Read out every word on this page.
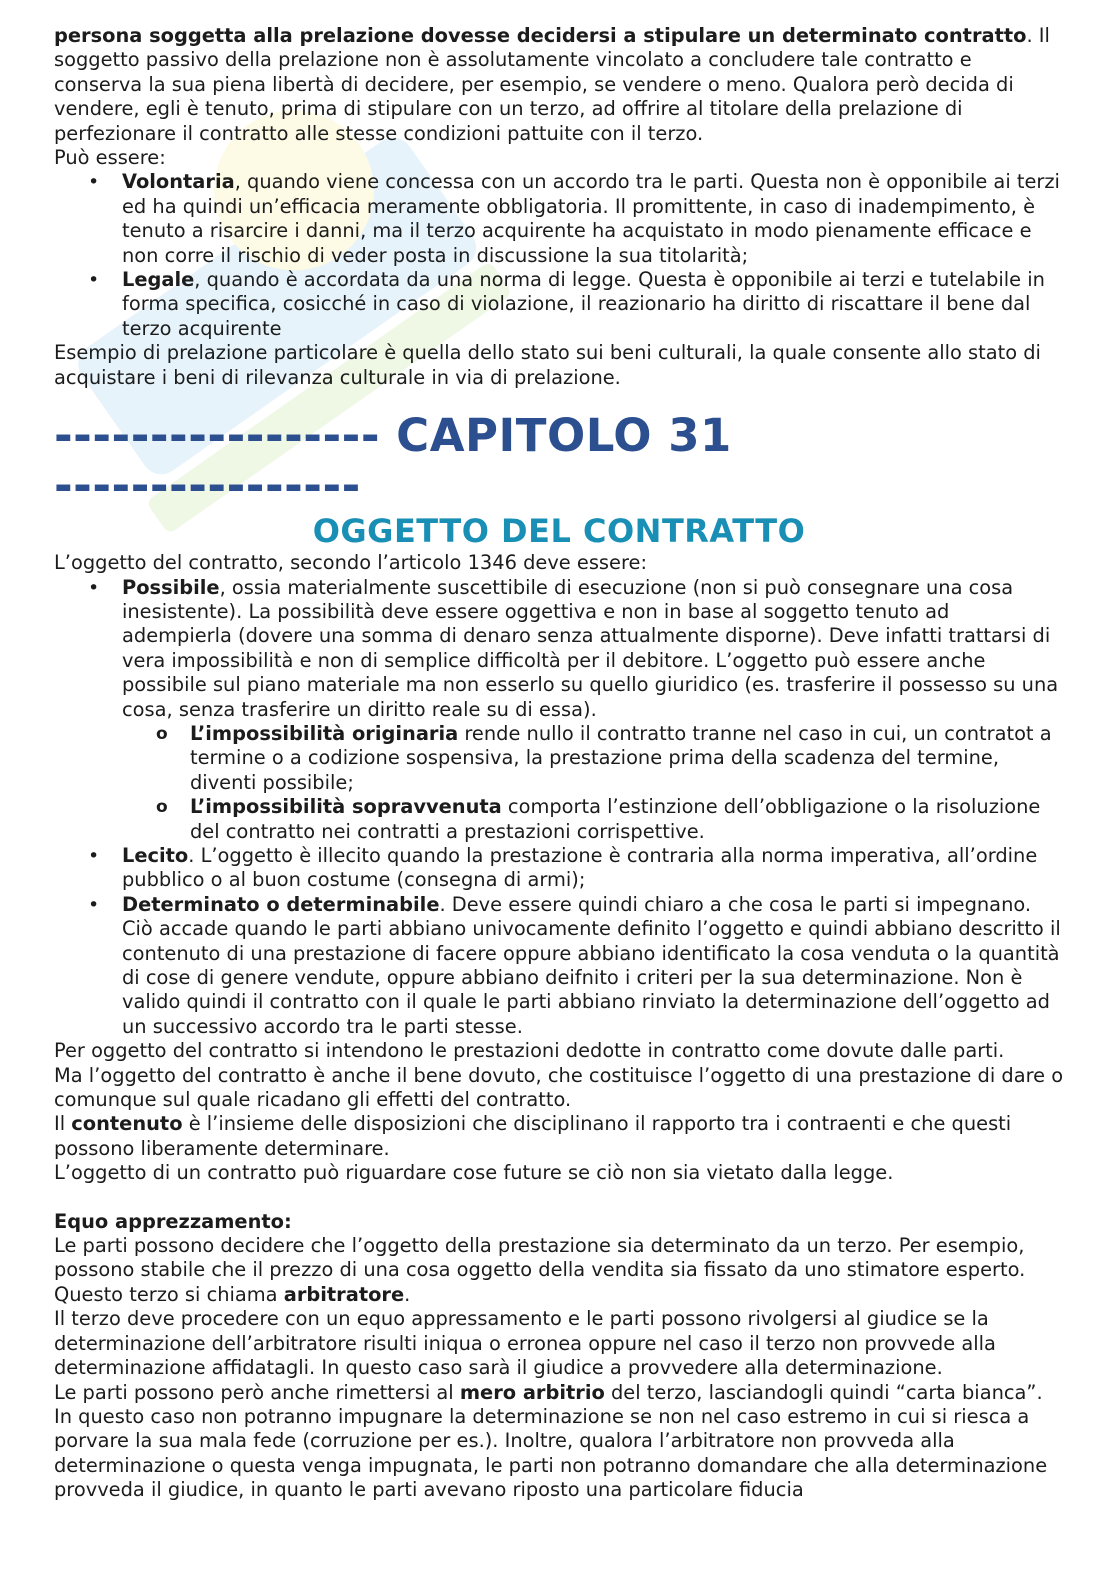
persona soggetta alla prelazione dovesse decidersi a stipulare un determinato contratto. Il soggetto passivo della prelazione non è assolutamente vincolato a concludere tale contratto e conserva la sua piena libertà di decidere, per esempio, se vendere o meno. Qualora però decida di vendere, egli è tenuto, prima di stipulare con un terzo, ad offrire al titolare della prelazione di perfezionare il contratto alle stesse condizioni pattuite con il terzo.

Può essere:

• Volontaria, quando viene concessa con un accordo tra le parti. Questa non è opponibile ai terzi ed ha quindi un’efficacia meramente obbligatoria. Il promittente, in caso di inadempimento, è tenuto a risarcire i danni, ma il terzo acquirente ha acquistato in modo pienamente efficace e non corre il rischio di veder posta in discussione la sua titolarità;
• Legale, quando è accordata da una norma di legge. Questa è opponibile ai terzi e tutelabile in forma specifica, cosicché in caso di violazione, il reazionario ha diritto di riscattare il bene dal terzo acquirente

Esempio di prelazione particolare è quella dello stato sui beni culturali, la quale consente allo stato di acquistare i beni di rilevanza culturale in via di prelazione.

----------------- CAPITOLO 31
----------------
OGGETTO DEL CONTRATTO

L’oggetto del contratto, secondo l’articolo 1346 deve essere:

• Possibile, ossia materialmente suscettibile di esecuzione (non si può consegnare una cosa inesistente). La possibilità deve essere oggettiva e non in base al soggetto tenuto ad adempierla (dovere una somma di denaro senza attualmente disporne). Deve infatti trattarsi di vera impossibilità e non di semplice difficoltà per il debitore. L’oggetto può essere anche possibile sul piano materiale ma non esserlo su quello giuridico (es. trasferire il possesso su una cosa, senza trasferire un diritto reale su di essa).
o L’impossibilità originaria rende nullo il contratto tranne nel caso in cui, un contratot a termine o a codizione sospensiva, la prestazione prima della scadenza del termine, diventi possibile;
o L’impossibilità sopravvenuta comporta l’estinzione dell’obbligazione o la risoluzione del contratto nei contratti a prestazioni corrispettive.
• Lecito. L’oggetto è illecito quando la prestazione è contraria alla norma imperativa, all’ordine pubblico o al buon costume (consegna di armi);
• Determinato o determinabile. Deve essere quindi chiaro a che cosa le parti si impegnano. Ciò accade quando le parti abbiano univocamente definito l’oggetto e quindi abbiano descritto il contenuto di una prestazione di facere oppure abbiano identificato la cosa venduta o la quantità di cose di genere vendute, oppure abbiano deifnito i criteri per la sua determinazione. Non è valido quindi il contratto con il quale le parti abbiano rinviato la determinazione dell’oggetto ad un successivo accordo tra le parti stesse.

Per oggetto del contratto si intendono le prestazioni dedotte in contratto come dovute dalle parti.

Ma l’oggetto del contratto è anche il bene dovuto, che costituisce l’oggetto di una prestazione di dare o comunque sul quale ricadano gli effetti del contratto.

Il contenuto è l’insieme delle disposizioni che disciplinano il rapporto tra i contraenti e che questi possono liberamente determinare.

L’oggetto di un contratto può riguardare cose future se ciò non sia vietato dalla legge.

Equo apprezzamento:

Le parti possono decidere che l’oggetto della prestazione sia determinato da un terzo. Per esempio, possono stabile che il prezzo di una cosa oggetto della vendita sia fissato da uno stimatore esperto. Questo terzo si chiama arbitratore.

Il terzo deve procedere con un equo appressamento e le parti possono rivolgersi al giudice se la determinazione dell’arbitratore risulti iniqua o erronea oppure nel caso il terzo non provvede alla determinazione affidatagli. In questo caso sarà il giudice a provvedere alla determinazione.

Le parti possono però anche rimettersi al mero arbitrio del terzo, lasciandogli quindi “carta bianca”. In questo caso non potranno impugnare la determinazione se non nel caso estremo in cui si riesca a porvare la sua mala fede (corruzione per es.). Inoltre, qualora l’arbitratore non provveda alla determinazione o questa venga impugnata, le parti non potranno domandare che alla determinazione provveda il giudice, in quanto le parti avevano riposto una particolare fiducia
